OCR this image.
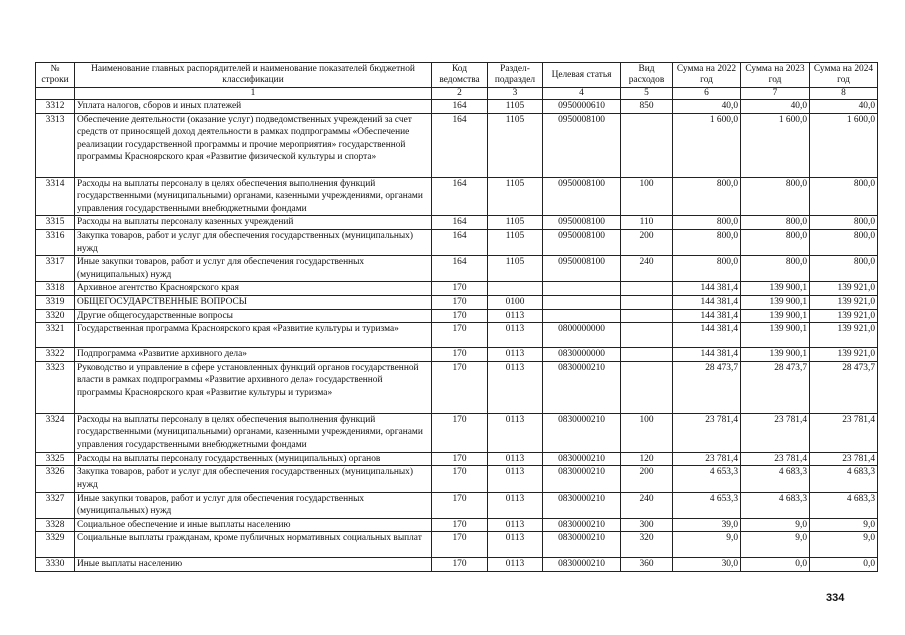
№ строки	Наименование главных распорядителей и наименование показателей бюджетной классификации	Код ведомства	Раздел-подраздел	Целевая статья	Вид расходов	Сумма на 2022 год	Сумма на 2023 год	Сумма на 2024 год
	1	2	3	4	5	6	7	8
3312	Уплата налогов, сборов и иных платежей	164	1105	0950000610	850	40,0	40,0	40,0
3313	Обеспечение деятельности (оказание услуг) подведомственных учреждений за счет средств от приносящей доход деятельности в рамках подпрограммы «Обеспечение реализации государственной программы и прочие мероприятия» государственной программы Красноярского края «Развитие физической культуры и спорта»	164	1105	0950008100		1 600,0	1 600,0	1 600,0
3314	Расходы на выплаты персоналу в целях обеспечения выполнения функций государственными (муниципальными) органами, казенными учреждениями, органами управления государственными внебюджетными фондами	164	1105	0950008100	100	800,0	800,0	800,0
3315	Расходы на выплаты персоналу казенных учреждений	164	1105	0950008100	110	800,0	800,0	800,0
3316	Закупка товаров, работ и услуг для обеспечения государственных (муниципальных) нужд	164	1105	0950008100	200	800,0	800,0	800,0
3317	Иные закупки товаров, работ и услуг для обеспечения государственных (муниципальных) нужд	164	1105	0950008100	240	800,0	800,0	800,0
3318	Архивное агентство Красноярского края	170				144 381,4	139 900,1	139 921,0
3319	ОБЩЕГОСУДАРСТВЕННЫЕ ВОПРОСЫ	170	0100			144 381,4	139 900,1	139 921,0
3320	Другие общегосударственные вопросы	170	0113			144 381,4	139 900,1	139 921,0
3321	Государственная программа Красноярского края «Развитие культуры и туризма»	170	0113	0800000000		144 381,4	139 900,1	139 921,0
3322	Подпрограмма «Развитие архивного дела»	170	0113	0830000000		144 381,4	139 900,1	139 921,0
3323	Руководство и управление в сфере установленных функций органов государственной власти в рамках подпрограммы «Развитие архивного дела» государственной программы Красноярского края «Развитие культуры и туризма»	170	0113	0830000210		28 473,7	28 473,7	28 473,7
3324	Расходы на выплаты персоналу в целях обеспечения выполнения функций государственными (муниципальными) органами, казенными учреждениями, органами управления государственными внебюджетными фондами	170	0113	0830000210	100	23 781,4	23 781,4	23 781,4
3325	Расходы на выплаты персоналу государственных (муниципальных) органов	170	0113	0830000210	120	23 781,4	23 781,4	23 781,4
3326	Закупка товаров, работ и услуг для обеспечения государственных (муниципальных) нужд	170	0113	0830000210	200	4 653,3	4 683,3	4 683,3
3327	Иные закупки товаров, работ и услуг для обеспечения государственных (муниципальных) нужд	170	0113	0830000210	240	4 653,3	4 683,3	4 683,3
3328	Социальное обеспечение и иные выплаты населению	170	0113	0830000210	300	39,0	9,0	9,0
3329	Социальные выплаты гражданам, кроме публичных нормативных социальных выплат	170	0113	0830000210	320	9,0	9,0	9,0
3330	Иные выплаты населению	170	0113	0830000210	360	30,0	0,0	0,0
334
